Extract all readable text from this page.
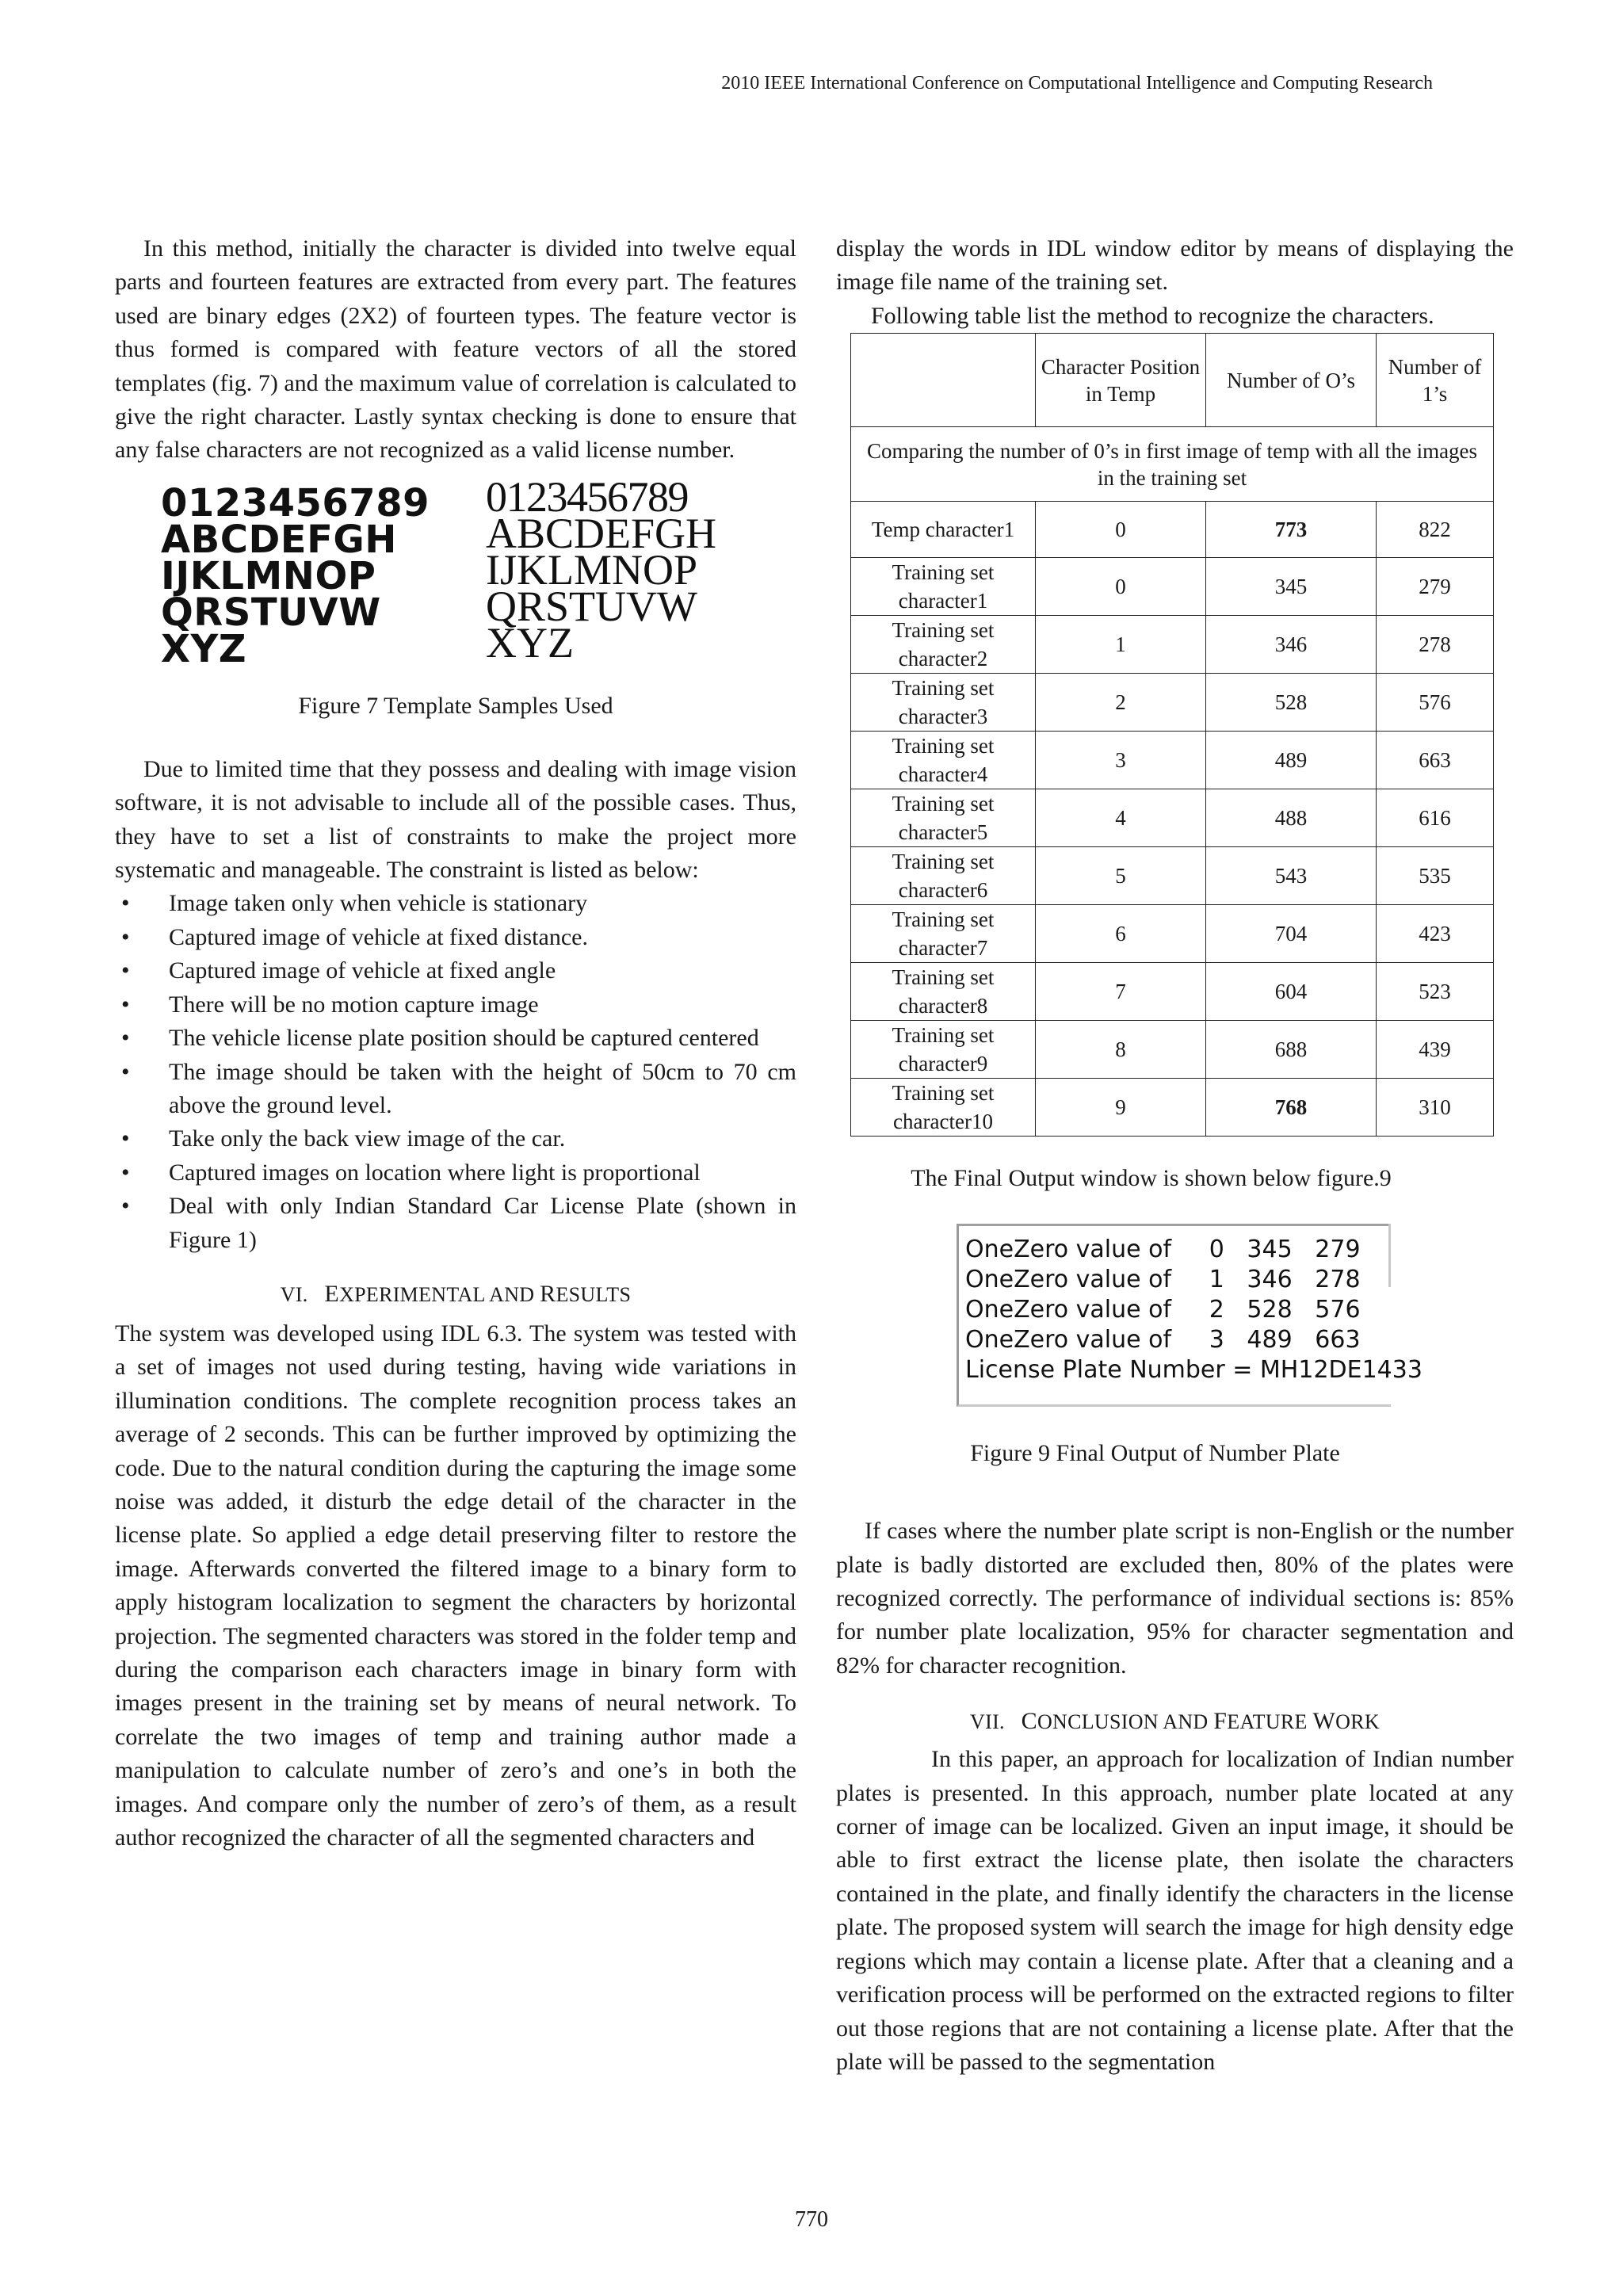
2010 IEEE International Conference on Computational Intelligence and Computing Research

In this method, initially the character is divided into twelve equal parts and fourteen features are extracted from every part. The features used are binary edges (2X2) of fourteen types. The feature vector is thus formed is compared with feature vectors of all the stored templates (fig. 7) and the maximum value of correlation is calculated to give the right character. Lastly syntax checking is done to ensure that any false characters are not recognized as a valid license number.

0123456789
ABCDEFGH
IJKLMNOP
QRSTUVW
XYZ
0123456789
ABCDEFGH
IJKLMNOP
QRSTUVW
XYZ
Figure 7 Template Samples Used

Due to limited time that they possess and dealing with image vision software, it is not advisable to include all of the possible cases. Thus, they have to set a list of constraints to make the project more systematic and manageable. The constraint is listed as below:

• Image taken only when vehicle is stationary
• Captured image of vehicle at fixed distance.
• Captured image of vehicle at fixed angle
• There will be no motion capture image
• The vehicle license plate position should be captured centered
• The image should be taken with the height of 50cm to 70 cm above the ground level.
• Take only the back view image of the car.
• Captured images on location where light is proportional
• Deal with only Indian Standard Car License Plate (shown in Figure 1)
VI. EXPERIMENTAL AND RESULTS

The system was developed using IDL 6.3. The system was tested with a set of images not used during testing, having wide variations in illumination conditions. The complete recognition process takes an average of 2 seconds. This can be further improved by optimizing the code. Due to the natural condition during the capturing the image some noise was added, it disturb the edge detail of the character in the license plate. So applied a edge detail preserving filter to restore the image. Afterwards converted the filtered image to a binary form to apply histogram localization to segment the characters by horizontal projection. The segmented characters was stored in the folder temp and during the comparison each characters image in binary form with images present in the training set by means of neural network. To correlate the two images of temp and training author made a manipulation to calculate number of zero’s and one’s in both the images. And compare only the number of zero’s of them, as a result author recognized the character of all the segmented characters and

display the words in IDL window editor by means of displaying the image file name of the training set.

Following table list the method to recognize the characters.

	Character Position in Temp	Number of O’s	Number of 1’s
Comparing the number of 0’s in first image of temp with all the images in the training set			
Temp character1	0	773	822
Training set character1	0	345	279
Training set character2	1	346	278
Training set character3	2	528	576
Training set character4	3	489	663
Training set character5	4	488	616
Training set character6	5	543	535
Training set character7	6	704	423
Training set character8	7	604	523
Training set character9	8	688	439
Training set character10	9	768	310
The Final Output window is shown below figure.9
OneZero value of     0   345   279
OneZero value of     1   346   278
OneZero value of     2   528   576
OneZero value of     3   489   663
License Plate Number = MH12DE1433
Figure 9 Final Output of Number Plate

If cases where the number plate script is non-English or the number plate is badly distorted are excluded then, 80% of the plates were recognized correctly. The performance of individual sections is: 85% for number plate localization, 95% for character segmentation and 82% for character recognition.

VII. CONCLUSION AND FEATURE WORK

In this paper, an approach for localization of Indian number plates is presented. In this approach, number plate located at any corner of image can be localized. Given an input image, it should be able to first extract the license plate, then isolate the characters contained in the plate, and finally identify the characters in the license plate. The proposed system will search the image for high density edge regions which may contain a license plate. After that a cleaning and a verification process will be performed on the extracted regions to filter out those regions that are not containing a license plate. After that the plate will be passed to the segmentation

770
